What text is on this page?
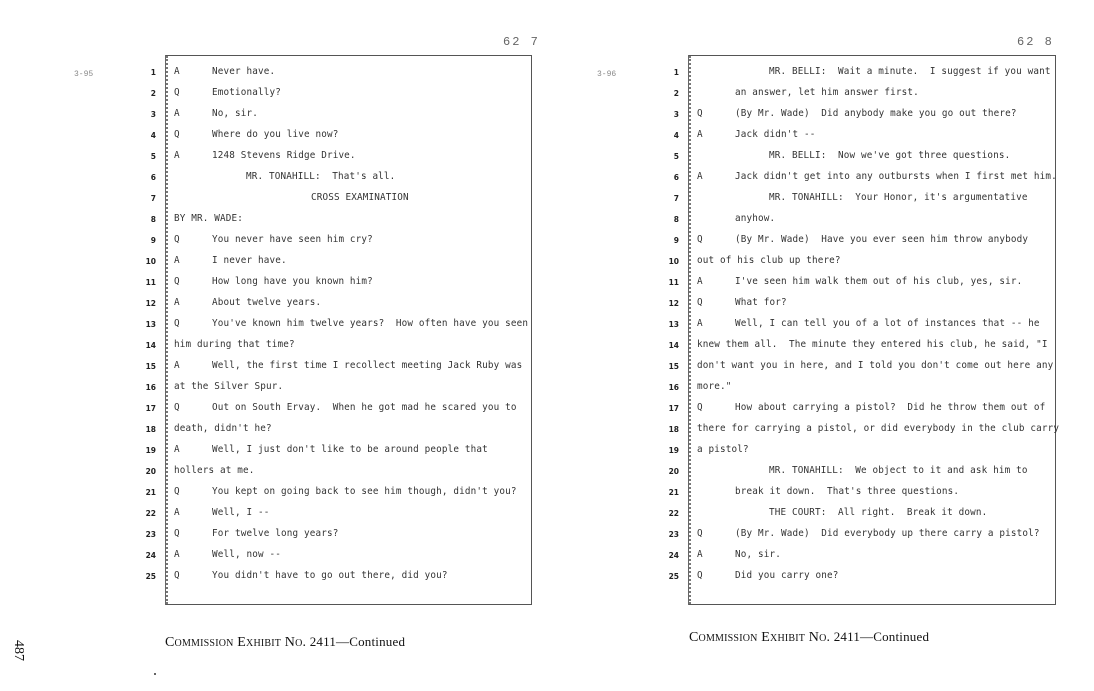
62 7
3-95	1 A	Never have.
2 Q	Emotionally?
3 A	No, sir.
4 Q	Where do you live now?
5 A	1248 Stevens Ridge Drive.
6	MR. TONAHILL:  That's all.
7	CROSS EXAMINATION
8 BY MR. WADE:
9 Q	You never have seen him cry?
10 A	I never have.
11 Q	How long have you known him?
12 A	About twelve years.
13 Q	You've known him twelve years?  How often have you seen
14 him during that time?
15 A	Well, the first time I recollect meeting Jack Ruby was
16 at the Silver Spur.
17 Q	Out on South Ervay.  When he got mad he scared you to
18 death, didn't he?
19 A	Well, I just don't like to be around people that
20 hollers at me.
21 Q	You kept on going back to see him though, didn't you?
22 A	Well, I --
23 Q	For twelve long years?
24 A	Well, now --
25 Q	You didn't have to go out there, did you?
Commission Exhibit No. 2411—Continued
62 8
3-96	1	MR. BELLI:  Wait a minute.  I suggest if you want
2	an answer, let him answer first.
3 Q	(By Mr. Wade)  Did anybody make you go out there?
4 A	Jack didn't --
5	MR. BELLI:  Now we've got three questions.
6 A	Jack didn't get into any outbursts when I first met him.
7	MR. TONAHILL:  Your Honor, it's argumentative
8	anyhow.
9 Q	(By Mr. Wade)  Have you ever seen him throw anybody
10 out of his club up there?
11 A	I've seen him walk them out of his club, yes, sir.
12 Q	What for?
13 A	Well, I can tell you of a lot of instances that -- he
14 knew them all.  The minute they entered his club, he said, "I
15 don't want you in here, and I told you don't come out here any
16 more."
17 Q	How about carrying a pistol?  Did he throw them out of
18 there for carrying a pistol, or did everybody in the club carry
19 a pistol?
20	MR. TONAHILL:  We object to it and ask him to
21	break it down.  That's three questions.
22	THE COURT:  All right.  Break it down.
23 Q	(By Mr. Wade)  Did everybody up there carry a pistol?
24 A	No, sir.
25 Q	Did you carry one?
Commission Exhibit No. 2411—Continued
487
